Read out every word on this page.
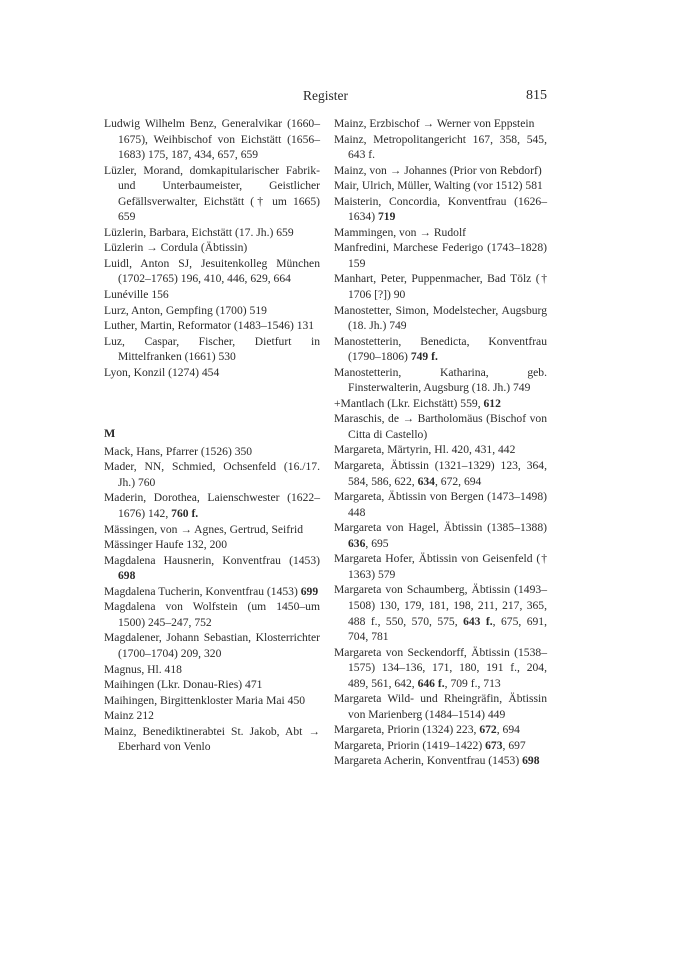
Register	815

Ludwig Wilhelm Benz, Generalvikar (1660–1675), Weihbischof von Eichstätt (1656–1683) 175, 187, 434, 657, 659

Lüzler, Morand, domkapitularischer Fabrik- und Unterbaumeister, Geistlicher Gefällsverwalter, Eichstätt († um 1665) 659

Lüzlerin, Barbara, Eichstätt (17. Jh.) 659

Lüzlerin → Cordula (Äbtissin)

Luidl, Anton SJ, Jesuitenkolleg München (1702–1765) 196, 410, 446, 629, 664

Lunéville 156

Lurz, Anton, Gempfing (1700) 519

Luther, Martin, Reformator (1483–1546) 131

Luz, Caspar, Fischer, Dietfurt in Mittelfranken (1661) 530

Lyon, Konzil (1274) 454

M

Mack, Hans, Pfarrer (1526) 350

Mader, NN, Schmied, Ochsenfeld (16./17. Jh.) 760

Maderin, Dorothea, Laienschwester (1622–1676) 142, 760 f.

Mässingen, von → Agnes, Gertrud, Seifrid

Mässinger Haufe 132, 200

Magdalena Hausnerin, Konventfrau (1453) 698

Magdalena Tucherin, Konventfrau (1453) 699

Magdalena von Wolfstein (um 1450–um 1500) 245–247, 752

Magdalener, Johann Sebastian, Klosterrichter (1700–1704) 209, 320

Magnus, Hl. 418

Maihingen (Lkr. Donau-Ries) 471

Maihingen, Birgittenkloster Maria Mai 450

Mainz 212

Mainz, Benediktinerabtei St. Jakob, Abt → Eberhard von Venlo

Mainz, Erzbischof → Werner von Eppstein

Mainz, Metropolitangericht 167, 358, 545, 643 f.

Mainz, von → Johannes (Prior von Rebdorf)

Mair, Ulrich, Müller, Walting (vor 1512) 581

Maisterin, Concordia, Konventfrau (1626–1634) 719

Mammingen, von → Rudolf

Manfredini, Marchese Federigo (1743–1828) 159

Manhart, Peter, Puppenmacher, Bad Tölz († 1706 [?]) 90

Manostetter, Simon, Modelstecher, Augsburg (18. Jh.) 749

Manostetterin, Benedicta, Konventfrau (1790–1806) 749 f.

Manostetterin, Katharina, geb. Finsterwalterin, Augsburg (18. Jh.) 749

+Mantlach (Lkr. Eichstätt) 559, 612

Maraschis, de → Bartholomäus (Bischof von Citta di Castello)

Margareta, Märtyrin, Hl. 420, 431, 442

Margareta, Äbtissin (1321–1329) 123, 364, 584, 586, 622, 634, 672, 694

Margareta, Äbtissin von Bergen (1473–1498) 448

Margareta von Hagel, Äbtissin (1385–1388) 636, 695

Margareta Hofer, Äbtissin von Geisenfeld († 1363) 579

Margareta von Schaumberg, Äbtissin (1493–1508) 130, 179, 181, 198, 211, 217, 365, 488 f., 550, 570, 575, 643 f., 675, 691, 704, 781

Margareta von Seckendorff, Äbtissin (1538–1575) 134–136, 171, 180, 191 f., 204, 489, 561, 642, 646 f., 709 f., 713

Margareta Wild- und Rheingräfin, Äbtissin von Marienberg (1484–1514) 449

Margareta, Priorin (1324) 223, 672, 694

Margareta, Priorin (1419–1422) 673, 697

Margareta Acherin, Konventfrau (1453) 698
